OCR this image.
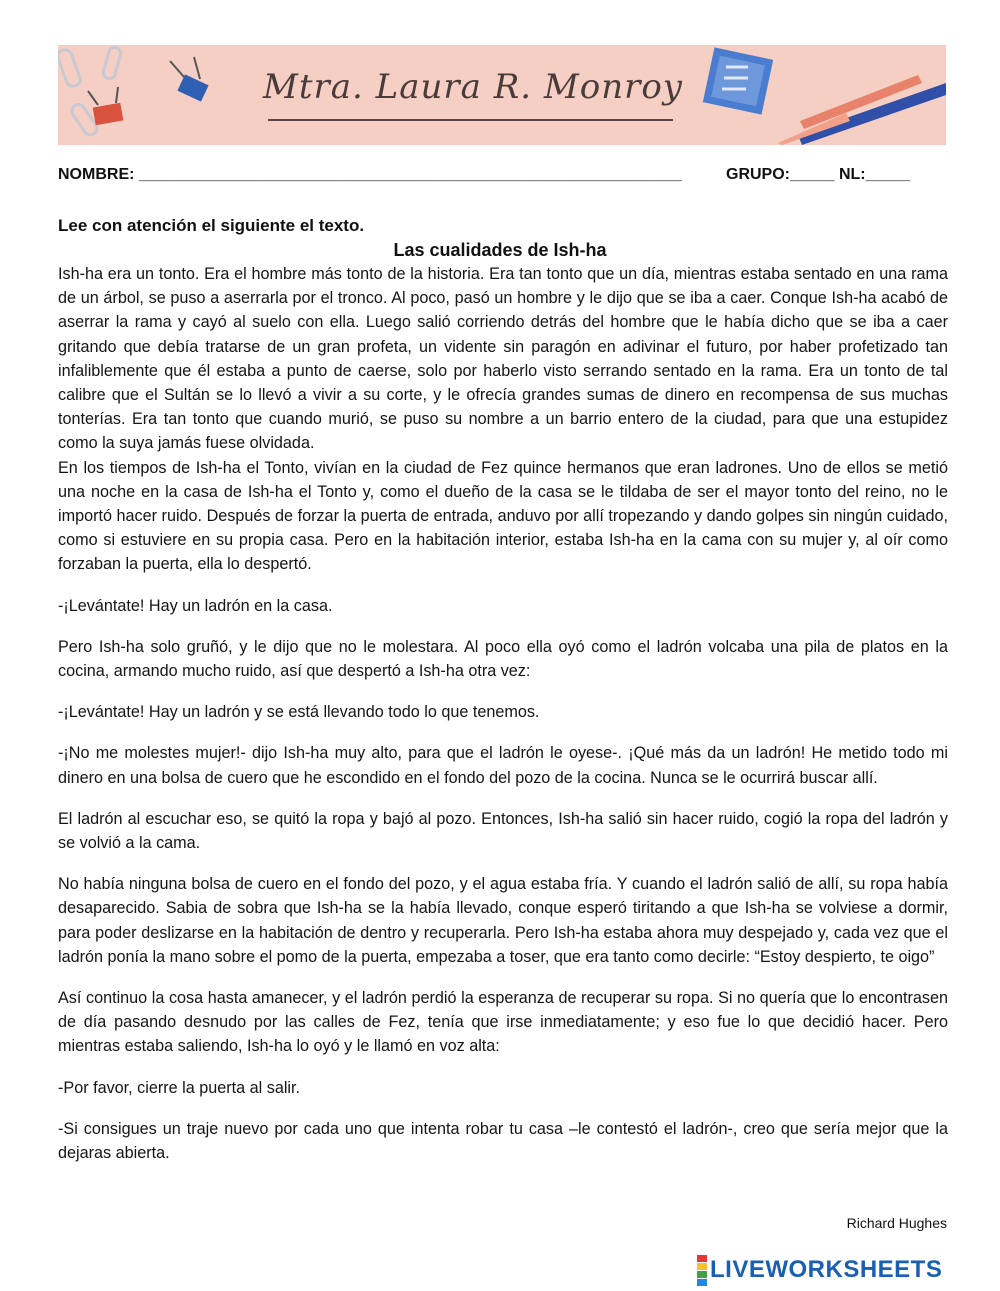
Mtra. Laura R. Monroy
NOMBRE: _____________________________________________________________	GRUPO:_____ NL:_____
Lee con atención el siguiente el texto.
Las cualidades de Ish-ha

Ish-ha era un tonto. Era el hombre más tonto de la historia. Era tan tonto que un día, mientras estaba sentado en una rama de un árbol, se puso a aserrarla por el tronco. Al poco, pasó un hombre y le dijo que se iba a caer. Conque Ish-ha acabó de aserrar la rama y cayó al suelo con ella. Luego salió corriendo detrás del hombre que le había dicho que se iba a caer gritando que debía tratarse de un gran profeta, un vidente sin paragón en adivinar el futuro, por haber profetizado tan infaliblemente que él estaba a punto de caerse, solo por haberlo visto serrando sentado en la rama. Era un tonto de tal calibre que el Sultán se lo llevó a vivir a su corte, y le ofrecía grandes sumas de dinero en recompensa de sus muchas tonterías. Era tan tonto que cuando murió, se puso su nombre a un barrio entero de la ciudad, para que una estupidez como la suya jamás fuese olvidada.

En los tiempos de Ish-ha el Tonto, vivían en la ciudad de Fez quince hermanos que eran ladrones. Uno de ellos se metió una noche en la casa de Ish-ha el Tonto y, como el dueño de la casa se le tildaba de ser el mayor tonto del reino, no le importó hacer ruido. Después de forzar la puerta de entrada, anduvo por allí tropezando y dando golpes sin ningún cuidado, como si estuviere en su propia casa. Pero en la habitación interior, estaba Ish-ha en la cama con su mujer y, al oír como forzaban la puerta, ella lo despertó.

-¡Levántate! Hay un ladrón en la casa.

Pero Ish-ha solo gruñó, y le dijo que no le molestara. Al poco ella oyó como el ladrón volcaba una pila de platos en la cocina, armando mucho ruido, así que despertó a Ish-ha otra vez:

-¡Levántate! Hay un ladrón y se está llevando todo lo que tenemos.

-¡No me molestes mujer!- dijo Ish-ha muy alto, para que el ladrón le oyese-. ¡Qué más da un ladrón! He metido todo mi dinero en una bolsa de cuero que he escondido en el fondo del pozo de la cocina. Nunca se le ocurrirá buscar allí.

El ladrón al escuchar eso, se quitó la ropa y bajó al pozo. Entonces, Ish-ha salió sin hacer ruido, cogió la ropa del ladrón y se volvió a la cama.

No había ninguna bolsa de cuero en el fondo del pozo, y el agua estaba fría. Y cuando el ladrón salió de allí, su ropa había desaparecido. Sabia de sobra que Ish-ha se la había llevado, conque esperó tiritando a que Ish-ha se volviese a dormir, para poder deslizarse en la habitación de dentro y recuperarla. Pero Ish-ha estaba ahora muy despejado y, cada vez que el ladrón ponía la mano sobre el pomo de la puerta, empezaba a toser, que era tanto como decirle: “Estoy despierto, te oigo”

Así continuo la cosa hasta amanecer, y el ladrón perdió la esperanza de recuperar su ropa. Si no quería que lo encontrasen de día pasando desnudo por las calles de Fez, tenía que irse inmediatamente; y eso fue lo que decidió hacer. Pero mientras estaba saliendo, Ish-ha lo oyó y le llamó en voz alta:

-Por favor, cierre la puerta al salir.

-Si consigues un traje nuevo por cada uno que intenta robar tu casa –le contestó el ladrón-, creo que sería mejor que la dejaras abierta.

Richard Hughes
LIVEWORKSHEETS
